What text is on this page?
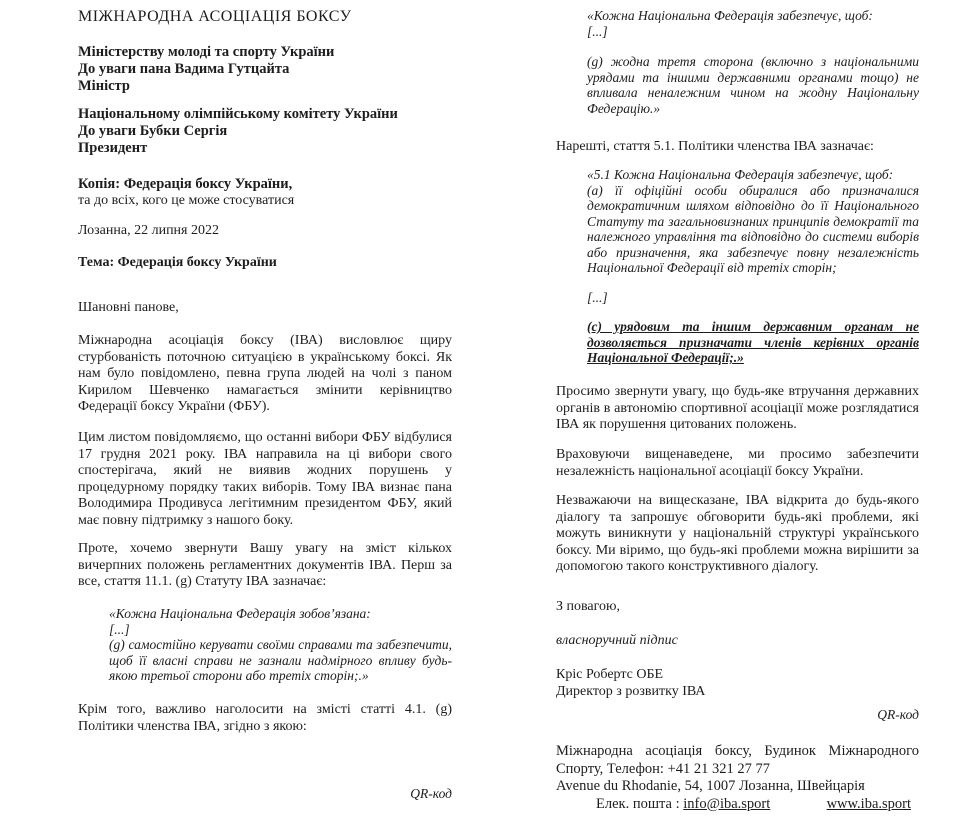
МІЖНАРОДНА АСОЦІАЦІЯ БОКСУ
Міністерству молоді та спорту України
До уваги пана Вадима Гутцайта
Міністр
Національному олімпійському комітету України
До уваги Бубки Сергія
Президент
Копія: Федерація боксу України,
та до всіх, кого це може стосуватися
Лозанна, 22 липня 2022
Тема: Федерація боксу України
Шановні панове,
Міжнародна асоціація боксу (ІВА) висловлює щиру стурбованість поточною ситуацією в українському боксі. Як нам було повідомлено, певна група людей на чолі з паном Кирилом Шевченко намагається змінити керівництво Федерації боксу України (ФБУ).
Цим листом повідомляємо, що останні вибори ФБУ відбулися 17 грудня 2021 року. ІВА направила на ці вибори свого спостерігача, який не виявив жодних порушень у процедурному порядку таких виборів. Тому ІВА визнає пана Володимира Продивуса легітимним президентом ФБУ, який має повну підтримку з нашого боку.
Проте, хочемо звернути Вашу увагу на зміст кількох вичерпних положень регламентних документів ІВА. Перш за все, стаття 11.1. (g) Статуту ІВА зазначає:
«Кожна Національна Федерація зобов’язана:
[...]
(g) самостійно керувати своїми справами та забезпечити, щоб її власні справи не зазнали надмірного впливу будь-якою третьої сторони або третіх сторін;.»
Крім того, важливо наголосити на змісті статті 4.1. (g) Політики членства ІВА, згідно з якою:
QR-код
«Кожна Національна Федерація забезпечує, щоб:
[...]
(g) жодна третя сторона (включно з національними урядами та іншими державними органами тощо) не впливала неналежним чином на жодну Національну Федерацію.»
Нарешті, стаття 5.1. Політики членства ІВА зазначає:
«5.1 Кожна Національна Федерація забезпечує, щоб:
(а) її офіційні особи обиралися або призначалися демократичним шляхом відповідно до її Національного Статуту та загальновизнаних принципів демократії та належного управління та відповідно до системи виборів або призначення, яка забезпечує повну незалежність Національної Федерації від третіх сторін;
[...]
(с) урядовим та іншим державним органам не дозволяється призначати членів керівних органів Національної Федерації;.»
Просимо звернути увагу, що будь-яке втручання державних органів в автономію спортивної асоціації може розглядатися ІВА як порушення цитованих положень.
Враховуючи вищенаведене, ми просимо забезпечити незалежність національної асоціації боксу України.
Незважаючи на вищесказане, ІВА відкрита до будь-якого діалогу та запрошує обговорити будь-які проблеми, які можуть виникнути у національній структурі українського боксу. Ми віримо, що будь-які проблеми можна вирішити за допомогою такого конструктивного діалогу.
З повагою,
власноручний підпис
Кріс Робертс ОБЕ
Директор з розвитку ІВА
QR-код
Міжнародна асоціація боксу, Будинок Міжнародного
Спорту, Телефон: +41 21 321 27 77
Avenue du Rhodanie, 54, 1007 Лозанна, Швейцарія
Елек. пошта :
info@iba.sport	www.iba.sport
